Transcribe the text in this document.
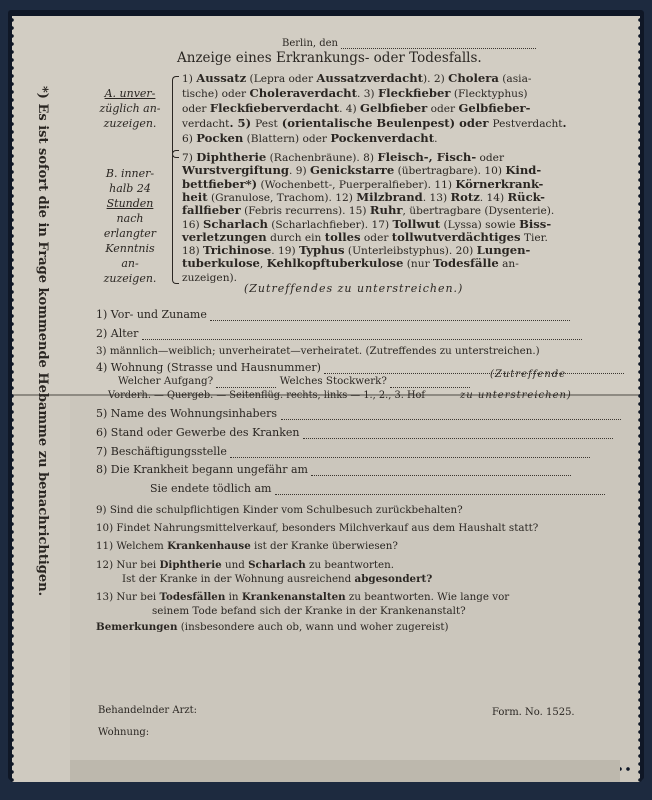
Berlin, den
Anzeige eines Erkrankungs- oder Todesfalls.
*) Es ist sofort die in Frage kommende Hebamme zu benachrichtigen.	A. unver-
züglich an-
zuzeigen.
B. inner-
halb 24
Stunden
nach
erlangter
Kenntnis
an-
zuzeigen.
1) Aussatz (Lepra oder Aussatzverdacht). 2) Cholera (asia-
tische) oder Choleraverdacht. 3) Fleckfieber (Flecktyphus)
oder Fleckfieberverdacht. 4) Gelbfieber oder Gelbfieber-
verdacht. 5) Pest (orientalische Beulenpest) oder Pestverdacht.
6) Pocken (Blattern) oder Pockenverdacht.
7) Diphtherie (Rachenbräune). 8) Fleisch-, Fisch- oder
Wurstvergiftung. 9) Genickstarre (übertragbare). 10) Kind-
bettfieber*) (Wochenbett-, Puerperalfieber). 11) Körnerkrank-
heit (Granulose, Trachom). 12) Milzbrand. 13) Rotz. 14) Rück-
fallfieber (Febris recurrens). 15) Ruhr, übertragbare (Dysenterie).
16) Scharlach (Scharlachfieber). 17) Tollwut (Lyssa) sowie Biss-
verletzungen durch ein tolles oder tollwutverdächtiges Tier.
18) Trichinose. 19) Typhus (Unterleibstyphus). 20) Lungen-
tuberkulose, Kehlkopftuberkulose (nur Todesfälle an-
zuzeigen).
(Zutreffendes zu unterstreichen.)
1) Vor- und Zuname
2) Alter
3) männlich—weiblich; unverheiratet—verheiratet. (Zutreffendes zu unterstreichen.)
4) Wohnung (Strasse und Hausnummer)
Welcher Aufgang?	Welches Stockwerk?
(Zutreffende
Vorderh. — Quergeb. — Seitenflüg. rechts, links — 1., 2., 3. Hof	zu unterstreichen)
5) Name des Wohnungsinhabers
6) Stand oder Gewerbe des Kranken
7) Beschäftigungsstelle
8) Die Krankheit begann ungefähr am
Sie endete tödlich am
9) Sind die schulpflichtigen Kinder vom Schulbesuch zurückbehalten?
10) Findet Nahrungsmittelverkauf, besonders Milchverkauf aus dem Haushalt statt?
11) Welchem Krankenhause ist der Kranke überwiesen?
12) Nur bei Diphtherie und Scharlach zu beantworten.
Ist der Kranke in der Wohnung ausreichend abgesondert?
13) Nur bei Todesfällen in Krankenanstalten zu beantworten. Wie lange vor
seinem Tode befand sich der Kranke in der Krankenanstalt?
Bemerkungen (insbesondere auch ob, wann und woher zugereist)
Behandelnder Arzt:
Wohnung:
Form. No. 1525.
